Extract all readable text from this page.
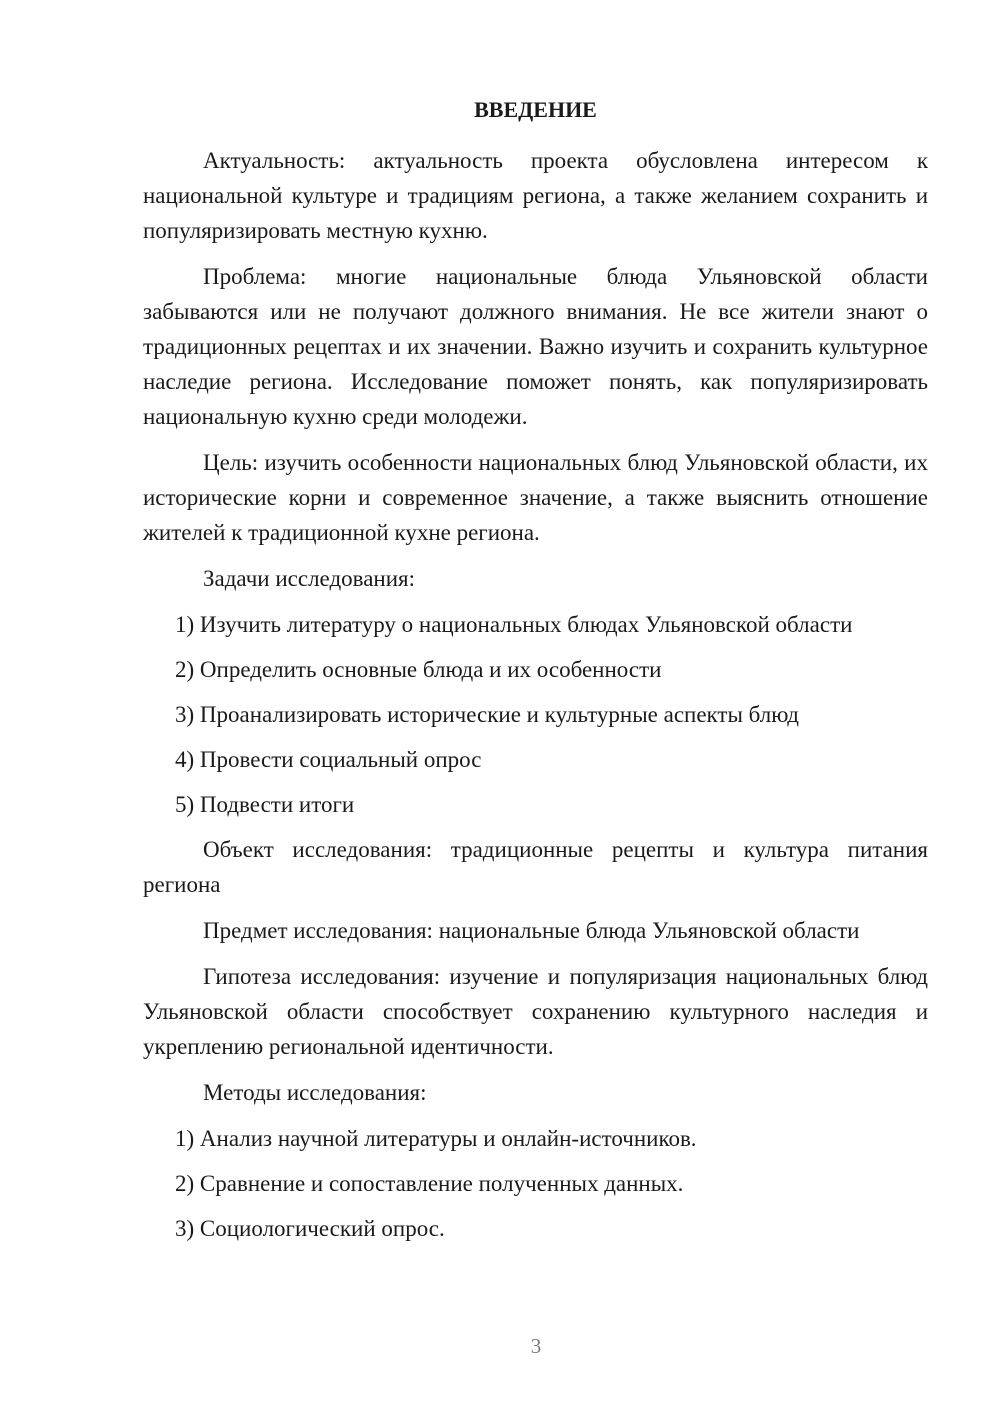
ВВЕДЕНИЕ

Актуальность: актуальность проекта обусловлена интересом к национальной культуре и традициям региона, а также желанием сохранить и популяризировать местную кухню.

Проблема: многие национальные блюда Ульяновской области забываются или не получают должного внимания. Не все жители знают о традиционных рецептах и их значении. Важно изучить и сохранить культурное наследие региона. Исследование поможет понять, как популяризировать национальную кухню среди молодежи.

Цель: изучить особенности национальных блюд Ульяновской области, их исторические корни и современное значение, а также выяснить отношение жителей к традиционной кухне региона.

Задачи исследования:
1) Изучить литературу о национальных блюдах Ульяновской области
2) Определить основные блюда и их особенности
3) Проанализировать исторические и культурные аспекты блюд
4) Провести социальный опрос
5) Подвести итоги

Объект исследования: традиционные рецепты и культура питания региона

Предмет исследования: национальные блюда Ульяновской области

Гипотеза исследования: изучение и популяризация национальных блюд Ульяновской области способствует сохранению культурного наследия и укреплению региональной идентичности.

Методы исследования:
1) Анализ научной литературы и онлайн-источников.
2) Сравнение и сопоставление полученных данных.
3) Социологический опрос.
3
